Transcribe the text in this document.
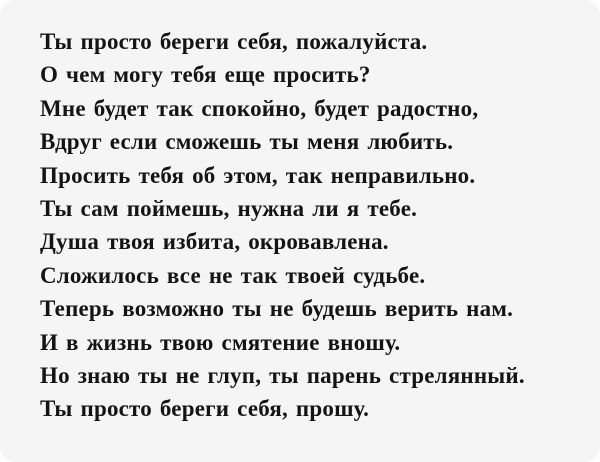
Ты просто береги себя, пожалуйста.
О чем могу тебя еще просить?
Мне будет так спокойно, будет радостно,
Вдруг если сможешь ты меня любить.
Просить тебя об этом, так неправильно.
Ты сам поймешь, нужна ли я тебе.
Душа твоя избита, окровавлена.
Сложилось все не так твоей судьбе.
Теперь возможно ты не будешь верить нам.
И в жизнь твою смятение вношу.
Но знаю ты не глуп, ты парень стрелянный.
Ты просто береги себя, прошу.
